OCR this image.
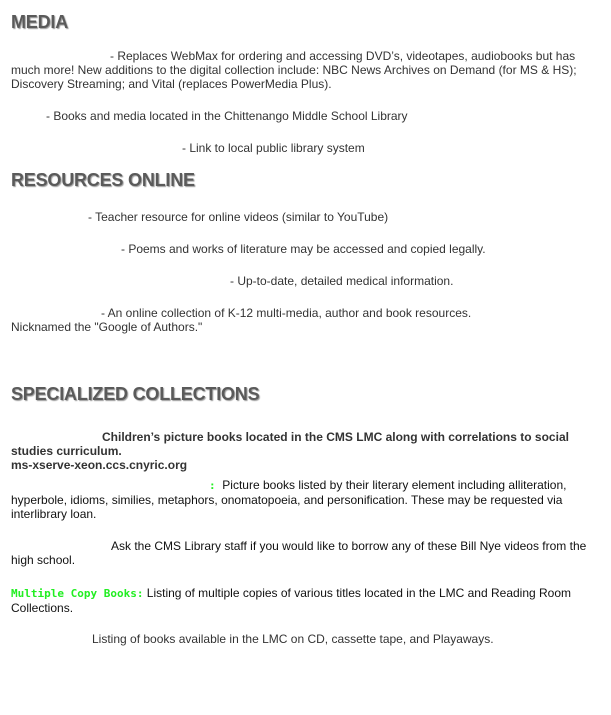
MEDIA

- Replaces WebMax for ordering and accessing DVD’s, videotapes, audiobooks but has much more! New additions to the digital collection include: NBC News Archives on Demand (for MS & HS); Discovery Streaming; and Vital (replaces PowerMedia Plus).

- Books and media located in the Chittenango Middle School Library

- Link to local public library system

RESOURCES ONLINE

- Teacher resource for online videos (similar to YouTube)

- Poems and works of literature may be accessed and copied legally.

- Up-to-date, detailed medical information.

- An online collection of K-12 multi-media, author and book resources. Nicknamed the "Google of Authors."

SPECIALIZED COLLECTIONS

Children’s picture books located in the CMS LMC along with correlations to social studies curriculum.
ms-xserve-xeon.ccs.cnyric.org

: Picture books listed by their literary element including alliteration, hyperbole, idioms, similies, metaphors, onomatopoeia, and personification. These may be requested via interlibrary loan.

Ask the CMS Library staff if you would like to borrow any of these Bill Nye videos from the high school.

Multiple Copy Books: Listing of multiple copies of various titles located in the LMC and Reading Room Collections.

Listing of books available in the LMC on CD, cassette tape, and Playaways.
